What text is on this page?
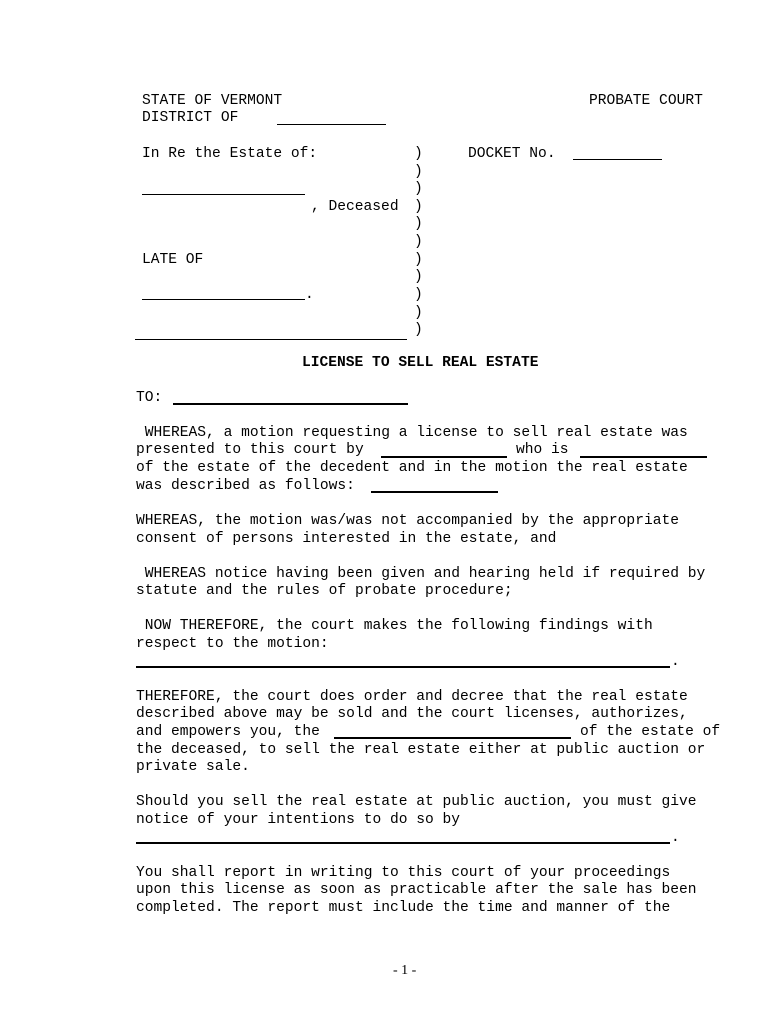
STATE OF VERMONT	PROBATE COURT
DISTRICT OF
In Re the Estate of:	DOCKET No.
, Deceased
LATE OF
.
)
)
)
)
)
)
)
)
)
)
)
LICENSE TO SELL REAL ESTATE
TO:
WHEREAS, a motion requesting a license to sell real estate was
presented to this court by	who is
of the estate of the decedent and in the motion the real estate
was described as follows:
WHEREAS, the motion was/was not accompanied by the appropriate
consent of persons interested in the estate, and
WHEREAS notice having been given and hearing held if required by
statute and the rules of probate procedure;
NOW THEREFORE, the court makes the following findings with
respect to the motion:
.
THEREFORE, the court does order and decree that the real estate
described above may be sold and the court licenses, authorizes,
and empowers you, the	of the estate of
the deceased, to sell the real estate either at public auction or
private sale.
Should you sell the real estate at public auction, you must give
notice of your intentions to do so by
.
You shall report in writing to this court of your proceedings
upon this license as soon as practicable after the sale has been
completed. The report must include the time and manner of the
- 1 -
